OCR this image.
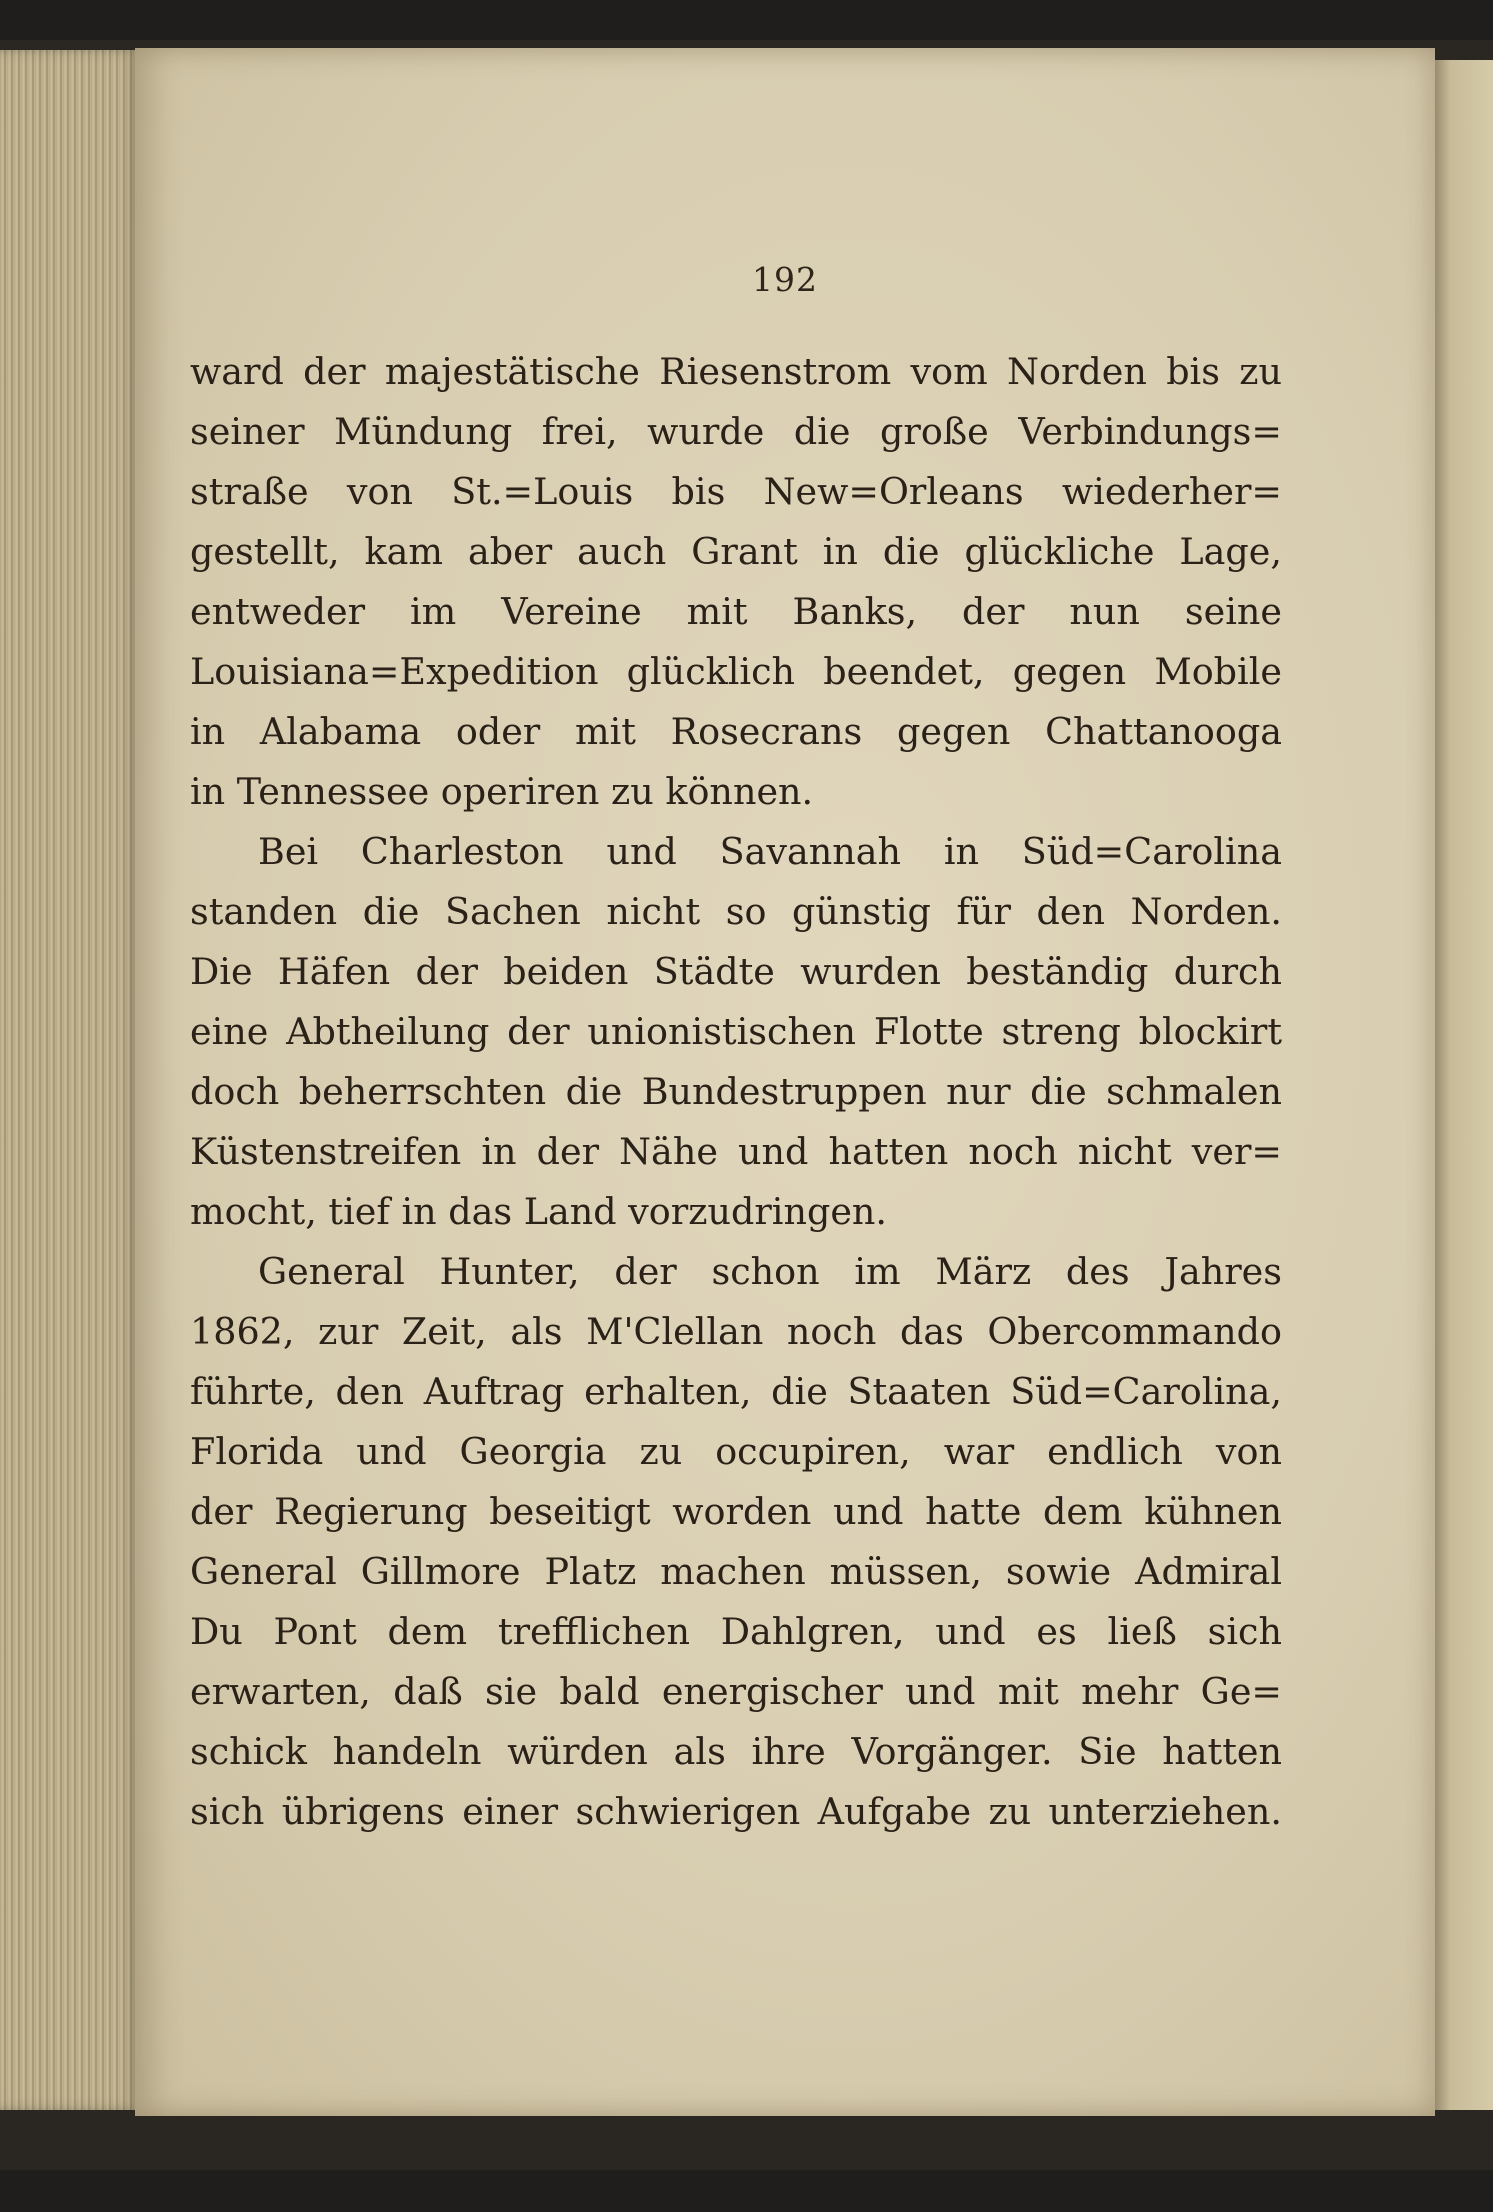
192
ward der majestätische Riesenstrom vom Norden bis zu
seiner Mündung frei, wurde die große Verbindungs=
straße von St.=Louis bis New=Orleans wiederher=
gestellt, kam aber auch Grant in die glückliche Lage,
entweder im Vereine mit Banks, der nun seine
Louisiana=Expedition glücklich beendet, gegen Mobile
in Alabama oder mit Rosecrans gegen Chattanooga
in Tennessee operiren zu können.
Bei Charleston und Savannah in Süd=Carolina
standen die Sachen nicht so günstig für den Norden.
Die Häfen der beiden Städte wurden beständig durch
eine Abtheilung der unionistischen Flotte streng blockirt
doch beherrschten die Bundestruppen nur die schmalen
Küstenstreifen in der Nähe und hatten noch nicht ver=
mocht, tief in das Land vorzudringen.
General Hunter, der schon im März des Jahres
1862, zur Zeit, als M'Clellan noch das Obercommando
führte, den Auftrag erhalten, die Staaten Süd=Carolina,
Florida und Georgia zu occupiren, war endlich von
der Regierung beseitigt worden und hatte dem kühnen
General Gillmore Platz machen müssen, sowie Admiral
Du Pont dem trefflichen Dahlgren, und es ließ sich
erwarten, daß sie bald energischer und mit mehr Ge=
schick handeln würden als ihre Vorgänger. Sie hatten
sich übrigens einer schwierigen Aufgabe zu unterziehen.
